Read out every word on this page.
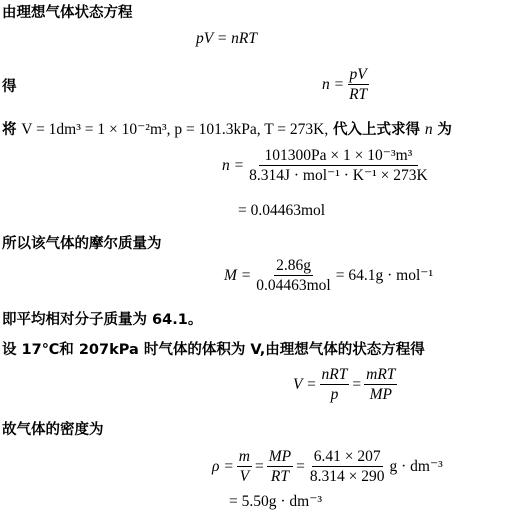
由理想气体状态方程
pV = nRT
得	$n = \frac{pV}{RT}$
将 V = 1dm³ = 1 × 10⁻²m³, p = 101.3kPa, T = 273K, 代入上式求得 n 为
$n = \frac{\text{101300Pa × 1 × 10⁻³m³}}{\text{8.314J · mol⁻¹ · K⁻¹ × 273K}}$
= 0.04463mol
所以该气体的摩尔质量为
$M = \frac{2.86g}{\text{0.04463mol}} = 64.1g \cdot mol^{-1}$
即平均相对分子质量为 64.1。
设 17℃和 207kPa 时气体的体积为 V,由理想气体的状态方程得
$V = \frac{\text{nRT}}{p} = \frac{\text{mRT}}{MP}$
故气体的密度为
$\rho = \frac{m}{V} = \frac{MP}{RT} = \frac{6.41 \times 207}{8.314 \times 290}$ g · dm⁻³
= 5.50g · dm⁻³
